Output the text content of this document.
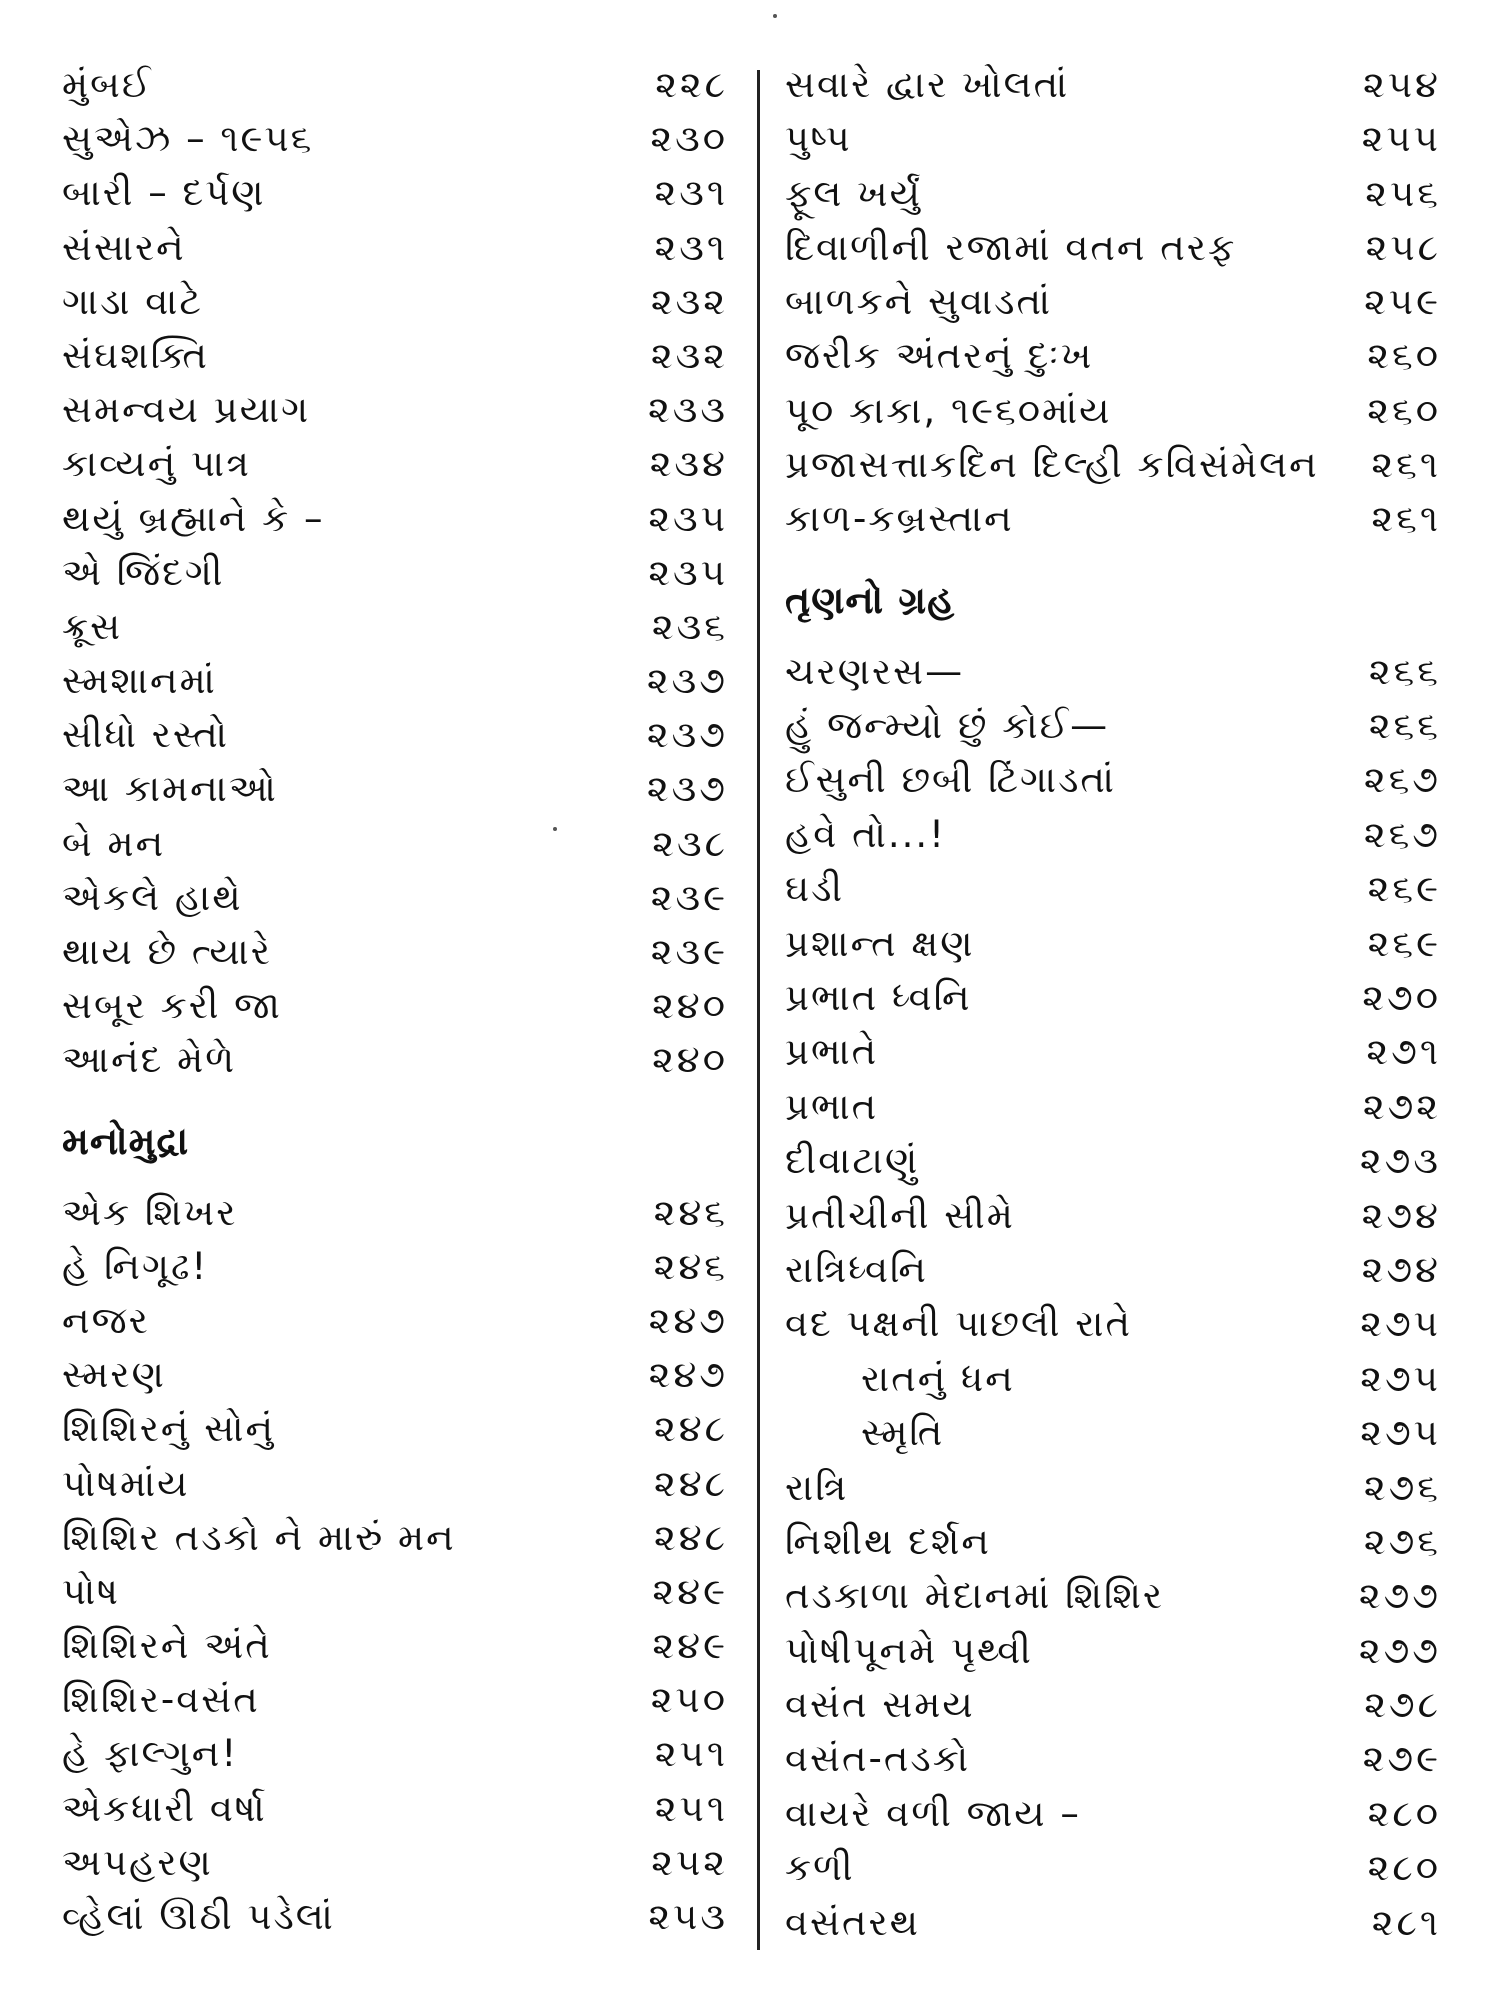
મુંબઈ	૨૨૮
સુએઝ – ૧૯૫૬	૨૩૦
બારી – દર્પણ	૨૩૧
સંસારને	૨૩૧
ગાડા વાટે	૨૩૨
સંઘશક્તિ	૨૩૨
સમન્વય પ્રયાગ	૨૩૩
કાવ્યનું પાત્ર	૨૩૪
થયું બ્રહ્માને કે –	૨૩૫
એ જિંદગી	૨૩૫
ક્રૂસ	૨૩૬
સ્મશાનમાં	૨૩૭
સીધો રસ્તો	૨૩૭
આ કામનાઓ	૨૩૭
બે મન	૨૩૮
એકલે હાથે	૨૩૯
થાય છે ત્યારે	૨૩૯
સબૂર કરી જા	૨૪૦
આનંદ મેળે	૨૪૦
મનોમુદ્રા
એક શિખર	૨૪૬
હે નિગૂઢ!	૨૪૬
નજર	૨૪૭
સ્મરણ	૨૪૭
શિશિરનું સોનું	૨૪૮
પોષમાંય	૨૪૮
શિશિર તડકો ને મારું મન	૨૪૮
પોષ	૨૪૯
શિશિરને અંતે	૨૪૯
શિશિર-વસંત	૨૫૦
હે ફાલ્ગુન!	૨૫૧
એકધારી વર્ષા	૨૫૧
અપહરણ	૨૫૨
વ્હેલાં ઊઠી પડેલાં	૨૫૩
સવારે દ્વાર ખોલતાં	૨૫૪
પુષ્પ	૨૫૫
ફૂલ ખર્યું	૨૫૬
દિવાળીની રજામાં વતન તરફ	૨૫૮
બાળકને સુવાડતાં	૨૫૯
જરીક અંતરનું દુઃખ	૨૬૦
પૂ૦ કાકા, ૧૯૬૦માંય	૨૬૦
પ્રજાસત્તાકદિન દિલ્હી કવિસંમેલન ૨૬૧
કાળ-કબ્રસ્તાન	૨૬૧
તૃણનો ગ્રહ
ચરણરસ—	૨૬૬
હું જન્મ્યો છું કોઈ—	૨૬૬
ઈસુની છબી ટિંગાડતાં	૨૬૭
હવે તો...!	૨૬૭
ઘડી	૨૬૯
પ્રશાન્ત ક્ષણ	૨૬૯
પ્રભાત ધ્વનિ	૨૭૦
પ્રભાતે	૨૭૧
પ્રભાત	૨૭૨
દીવાટાણું	૨૭૩
પ્રતીચીની સીમે	૨૭૪
રાત્રિધ્વનિ	૨૭૪
વદ પક્ષની પાછલી રાતે	૨૭૫
રાતનું ધન	૨૭૫
સ્મૃતિ	૨૭૫
રાત્રિ	૨૭૬
નિશીથ દર્શન	૨૭૬
તડકાળા મેદાનમાં શિશિર	૨૭૭
પોષીપૂનમે પૃથ્વી	૨૭૭
વસંત સમય	૨૭૮
વસંત-તડકો	૨૭૯
વાયરે વળી જાય –	૨૮૦
કળી	૨૮૦
વસંતરથ	૨૮૧
